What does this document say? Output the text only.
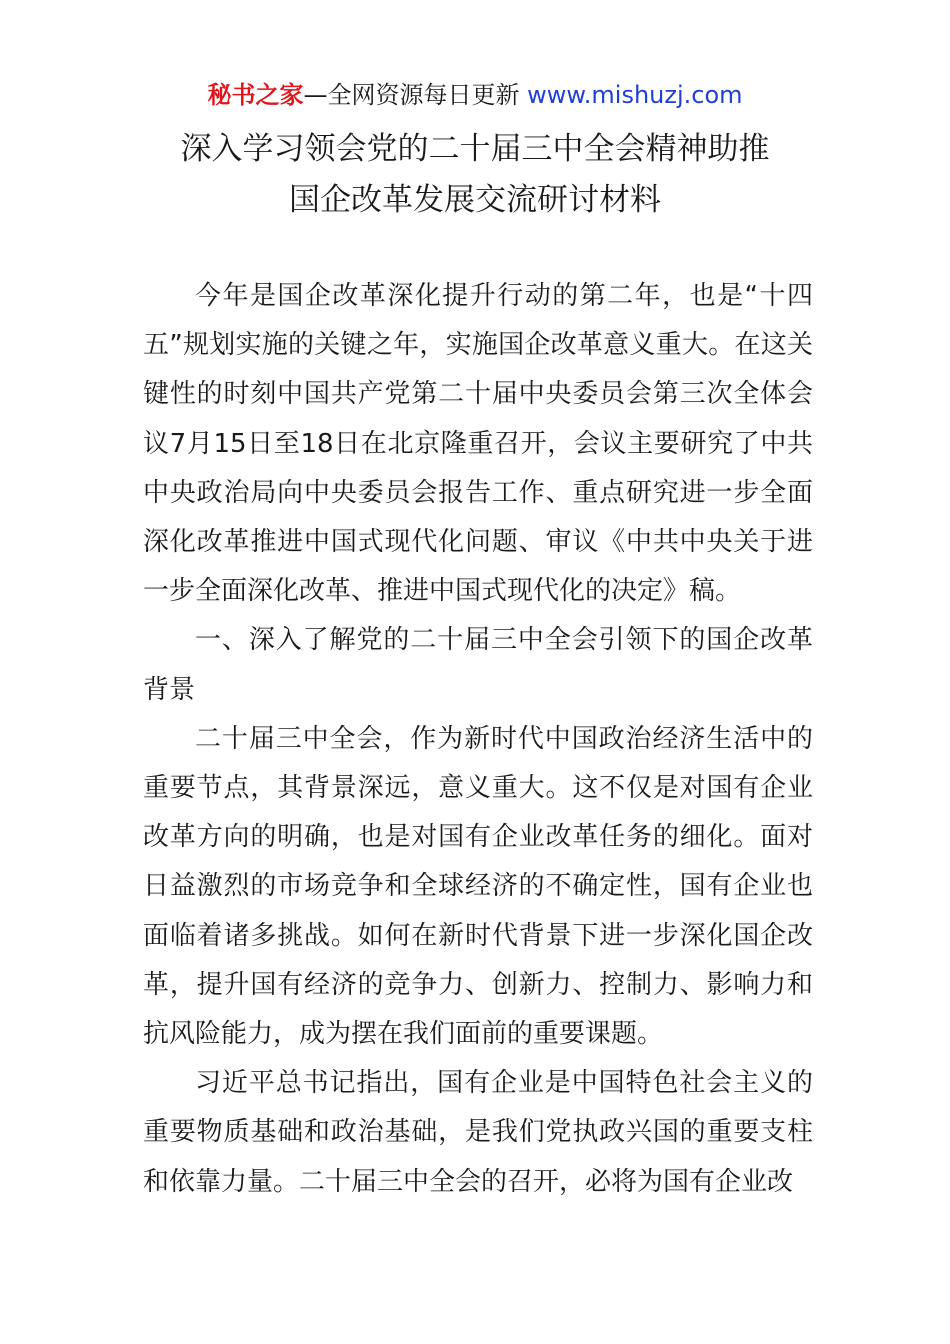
秘书之家—全网资源每日更新 www.mishuzj.com
深入学习领会党的二十届三中全会精神助推
国企改革发展交流研讨材料

今年是国企改革深化提升行动的第二年，也是“十四五”规划实施的关键之年，实施国企改革意义重大。在这关键性的时刻中国共产党第二十届中央委员会第三次全体会议7月15日至18日在北京隆重召开，会议主要研究了中共中央政治局向中央委员会报告工作、重点研究进一步全面深化改革推进中国式现代化问题、审议《中共中央关于进一步全面深化改革、推进中国式现代化的决定》稿。

一、深入了解党的二十届三中全会引领下的国企改革背景

二十届三中全会，作为新时代中国政治经济生活中的重要节点，其背景深远，意义重大。这不仅是对国有企业改革方向的明确，也是对国有企业改革任务的细化。面对日益激烈的市场竞争和全球经济的不确定性，国有企业也面临着诸多挑战。如何在新时代背景下进一步深化国企改革，提升国有经济的竞争力、创新力、控制力、影响力和抗风险能力，成为摆在我们面前的重要课题。

习近平总书记指出，国有企业是中国特色社会主义的重要物质基础和政治基础，是我们党执政兴国的重要支柱和依靠力量。二十届三中全会的召开，必将为国有企业改
